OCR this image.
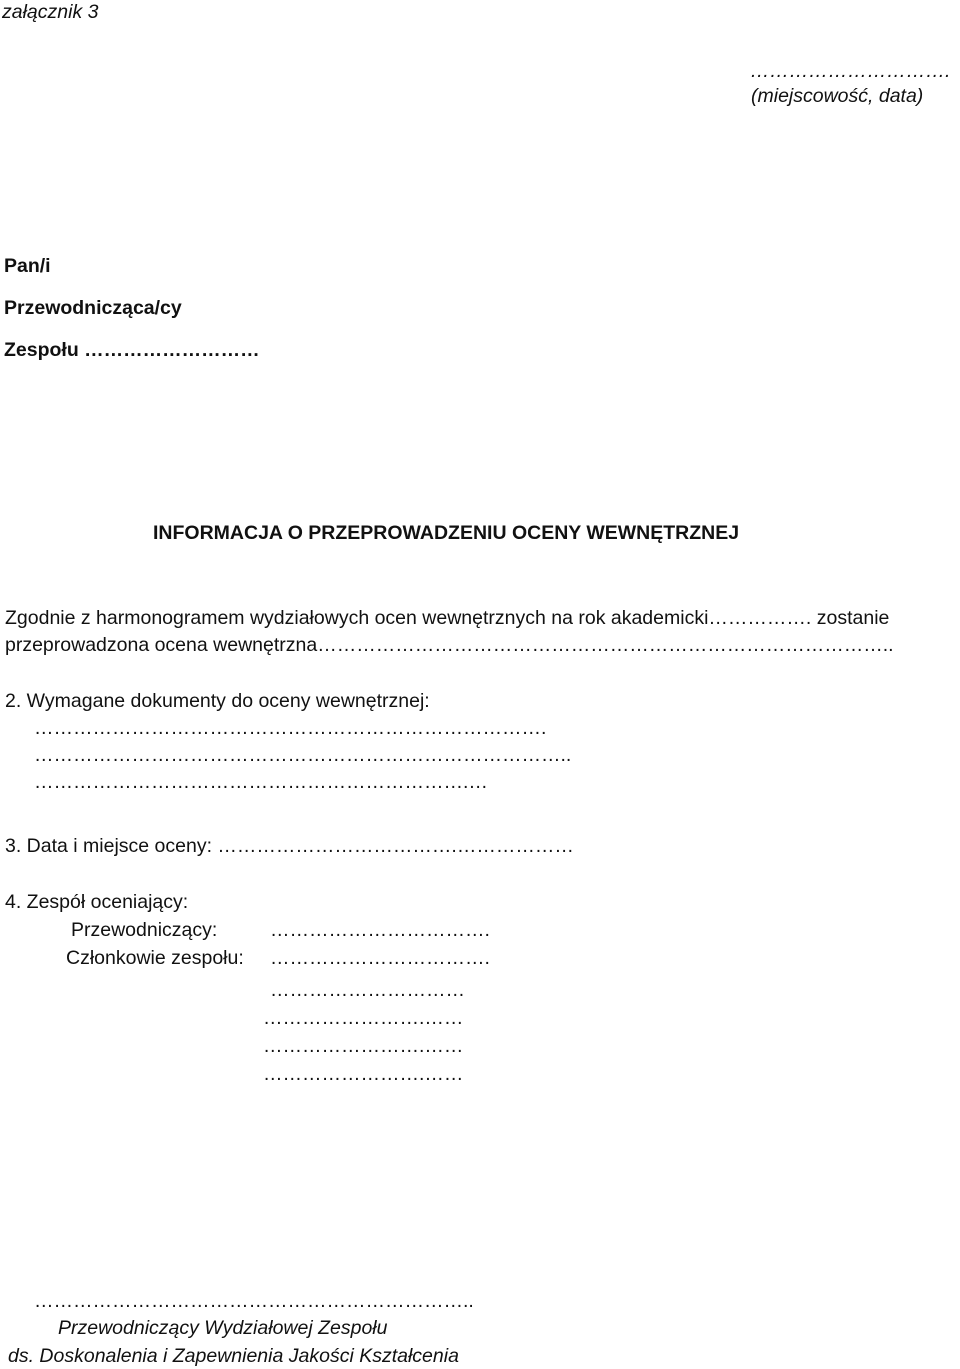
załącznik 3
………………………….
(miejscowość, data)
Pan/i
Przewodnicząca/cy
Zespołu ………………………
INFORMACJA O PRZEPROWADZENIU OCENY WEWNĘTRZNEJ
Zgodnie z harmonogramem wydziałowych ocen wewnętrznych na rok akademicki……………. zostanie
przeprowadzona ocena wewnętrzna……………………………………………………………………………..
2. Wymagane dokumenty do oceny wewnętrznej:
…………………………………………………………………….
………………………………………………………………………..
………………………………………………………….…
3. Data i miejsce oceny: ……………………………….………………
4. Zespół oceniający:
Przewodniczący:	…………………………….
Członkowie zespołu: …………………………….
…………………………
…………………….……
…………………….……
…………………….……
…………………………………………………………..
Przewodniczący Wydziałowej Zespołu
ds. Doskonalenia i Zapewnienia Jakości Kształcenia
